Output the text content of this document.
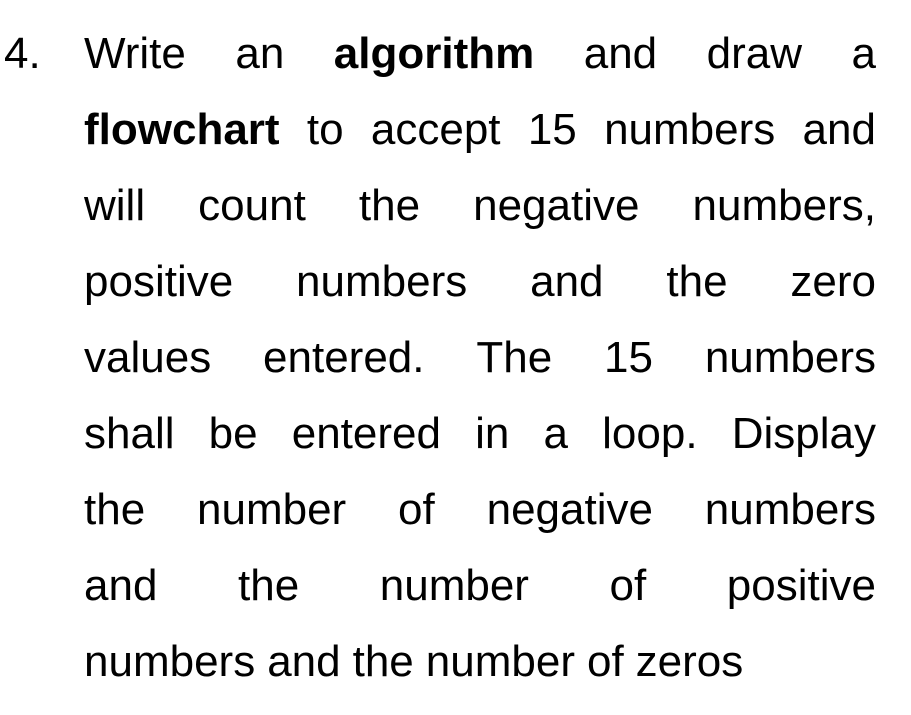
4. Write an algorithm and draw a
flowchart to accept 15 numbers and
will count the negative numbers,
positive numbers and the zero
values entered. The 15 numbers
shall be entered in a loop. Display
the number of negative numbers
and the number of positive
numbers and the number of zeros
